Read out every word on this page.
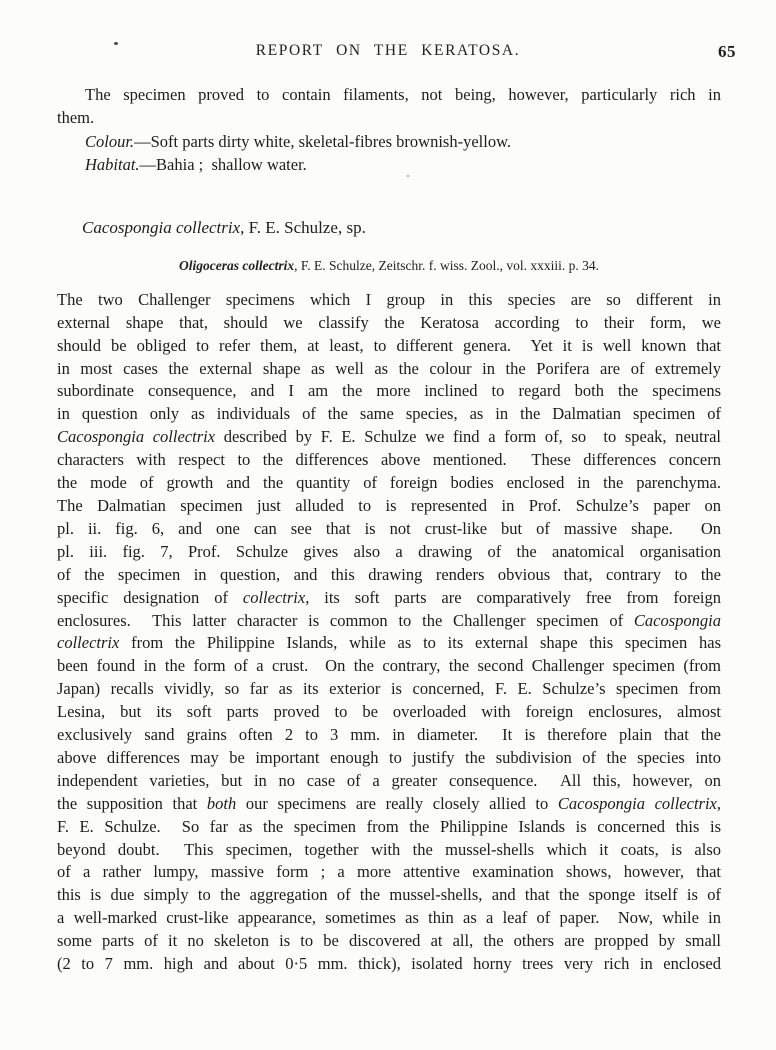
REPORT ON THE KERATOSA.	65
The specimen proved to contain filaments, not being, however, particularly rich in
them.
Colour.—Soft parts dirty white, skeletal-fibres brownish-yellow.
Habitat.—Bahia ;  shallow water.
Cacospongia collectrix, F. E. Schulze, sp.
Oligoceras collectrix, F. E. Schulze, Zeitschr. f. wiss. Zool., vol. xxxiii. p. 34.
The two Challenger specimens which I group in this species are so different in
external shape that, should we classify the Keratosa according to their form, we
should be obliged to refer them, at least, to different genera.  Yet it is well known that
in most cases the external shape as well as the colour in the Porifera are of extremely
subordinate consequence, and I am the more inclined to regard both the specimens
in question only as individuals of the same species, as in the Dalmatian specimen of
Cacospongia collectrix described by F. E. Schulze we find a form of, so  to speak, neutral
characters with respect to the differences above mentioned.  These differences concern
the mode of growth and the quantity of foreign bodies enclosed in the parenchyma.
The Dalmatian specimen just alluded to is represented in Prof. Schulze’s paper on
pl. ii. fig. 6, and one can see that is not crust-like but of massive shape.  On
pl. iii. fig. 7, Prof. Schulze gives also a drawing of the anatomical organisation
of the specimen in question, and this drawing renders obvious that, contrary to the
specific designation of collectrix, its soft parts are comparatively free from foreign
enclosures.  This latter character is common to the Challenger specimen of Cacospongia
collectrix from the Philippine Islands, while as to its external shape this specimen has
been found in the form of a crust.  On the contrary, the second Challenger specimen (from
Japan) recalls vividly, so far as its exterior is concerned, F. E. Schulze’s specimen from
Lesina, but its soft parts proved to be overloaded with foreign enclosures, almost
exclusively sand grains often 2 to 3 mm. in diameter.  It is therefore plain that the
above differences may be important enough to justify the subdivision of the species into
independent varieties, but in no case of a greater consequence.  All this, however, on
the supposition that both our specimens are really closely allied to Cacospongia collectrix,
F. E. Schulze.  So far as the specimen from the Philippine Islands is concerned this is
beyond doubt.  This specimen, together with the mussel-shells which it coats, is also
of a rather lumpy, massive form ; a more attentive examination shows, however, that
this is due simply to the aggregation of the mussel-shells, and that the sponge itself is of
a well-marked crust-like appearance, sometimes as thin as a leaf of paper.  Now, while in
some parts of it no skeleton is to be discovered at all, the others are propped by small
(2 to 7 mm. high and about 0·5 mm. thick), isolated horny trees very rich in enclosed
